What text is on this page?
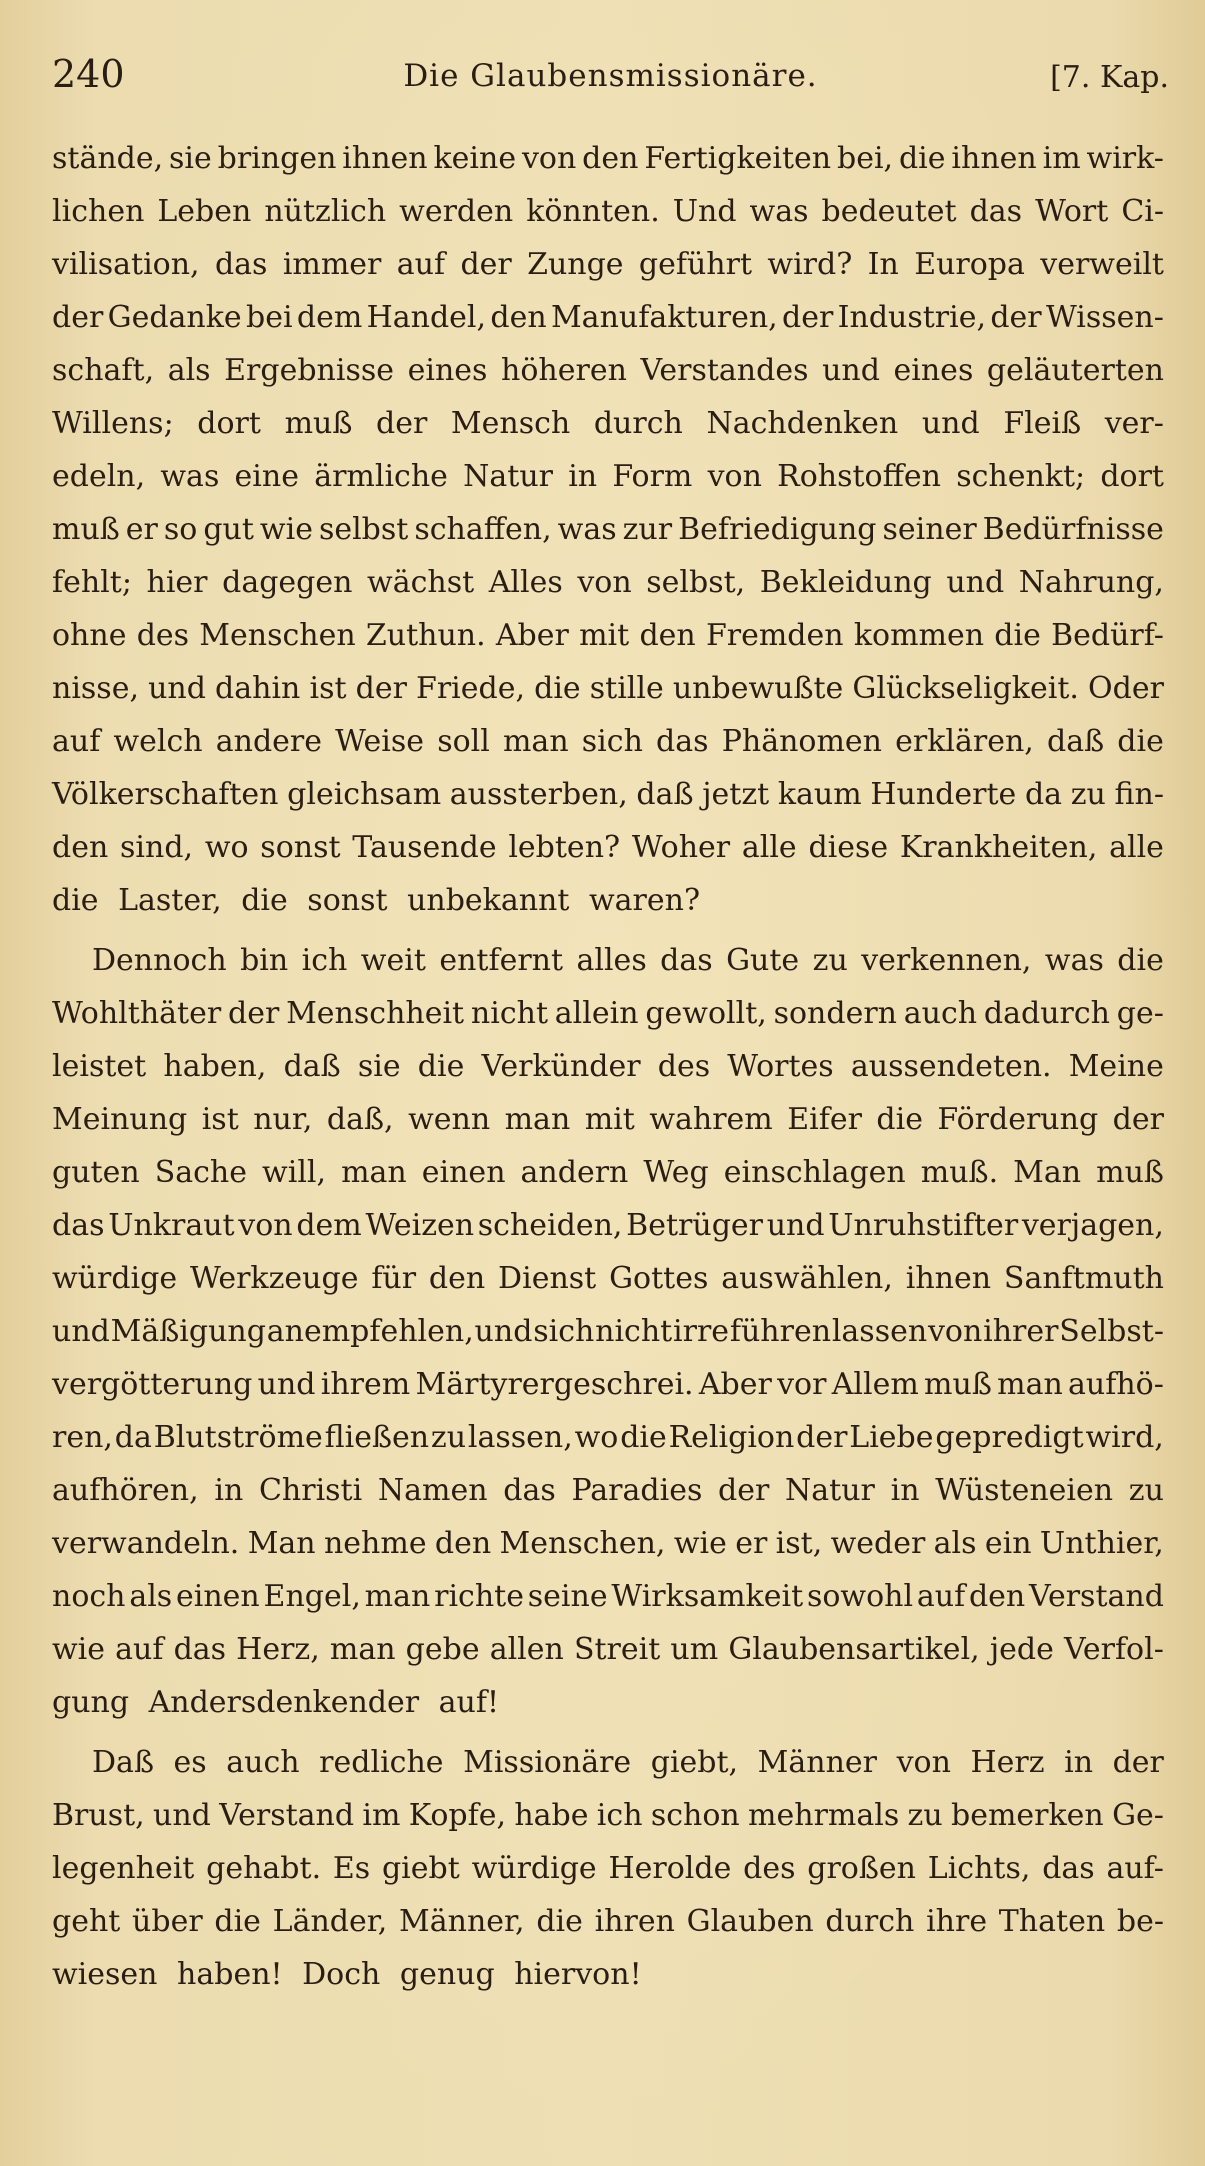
240	Die Glaubensmissionäre.	[7. Kap.
stände, sie bringen ihnen keine von den Fertigkeiten bei, die ihnen im wirk-
lichen Leben nützlich werden könnten. Und was bedeutet das Wort Ci-
vilisation, das immer auf der Zunge geführt wird? In Europa verweilt
der Gedanke bei dem Handel, den Manufakturen, der Industrie, der Wissen-
schaft, als Ergebnisse eines höheren Verstandes und eines geläuterten
Willens; dort muß der Mensch durch Nachdenken und Fleiß ver-
edeln, was eine ärmliche Natur in Form von Rohstoffen schenkt; dort
muß er so gut wie selbst schaffen, was zur Befriedigung seiner Bedürfnisse
fehlt; hier dagegen wächst Alles von selbst, Bekleidung und Nahrung,
ohne des Menschen Zuthun. Aber mit den Fremden kommen die Bedürf-
nisse, und dahin ist der Friede, die stille unbewußte Glückseligkeit. Oder
auf welch andere Weise soll man sich das Phänomen erklären, daß die
Völkerschaften gleichsam aussterben, daß jetzt kaum Hunderte da zu fin-
den sind, wo sonst Tausende lebten? Woher alle diese Krankheiten, alle
die Laster, die sonst unbekannt waren?
Dennoch bin ich weit entfernt alles das Gute zu verkennen, was die
Wohlthäter der Menschheit nicht allein gewollt, sondern auch dadurch ge-
leistet haben, daß sie die Verkünder des Wortes aussendeten. Meine
Meinung ist nur, daß, wenn man mit wahrem Eifer die Förderung der
guten Sache will, man einen andern Weg einschlagen muß. Man muß
das Unkraut von dem Weizen scheiden, Betrüger und Unruhstifter verjagen,
würdige Werkzeuge für den Dienst Gottes auswählen, ihnen Sanftmuth
und Mäßigung anempfehlen, und sich nicht irre führen lassen von ihrer Selbst-
vergötterung und ihrem Märtyrergeschrei. Aber vor Allem muß man aufhö-
ren, da Blutströme fließen zu lassen, wo die Religion der Liebe gepredigt wird,
aufhören, in Christi Namen das Paradies der Natur in Wüsteneien zu
verwandeln. Man nehme den Menschen, wie er ist, weder als ein Unthier,
noch als einen Engel, man richte seine Wirksamkeit sowohl auf den Verstand
wie auf das Herz, man gebe allen Streit um Glaubensartikel, jede Verfol-
gung Andersdenkender auf!
Daß es auch redliche Missionäre giebt, Männer von Herz in der
Brust, und Verstand im Kopfe, habe ich schon mehrmals zu bemerken Ge-
legenheit gehabt. Es giebt würdige Herolde des großen Lichts, das auf-
geht über die Länder, Männer, die ihren Glauben durch ihre Thaten be-
wiesen haben! Doch genug hiervon!
